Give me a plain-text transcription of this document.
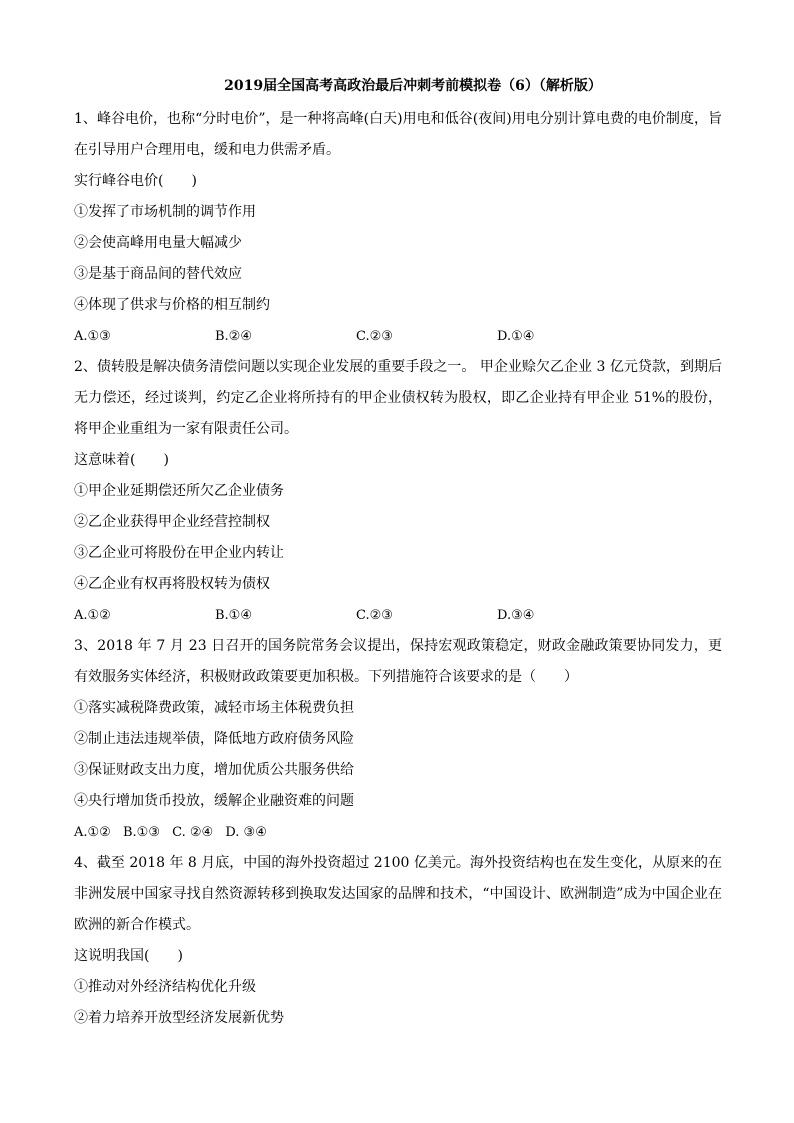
2019届全国高考高政治最后冲刺考前模拟卷（6）（解析版）
1、峰谷电价，也称“分时电价”，是一种将高峰(白天)用电和低谷(夜间)用电分别计算电费的电价制度，旨在引导用户合理用电，缓和电力供需矛盾。
实行峰谷电价(　　)
①发挥了市场机制的调节作用
②会使高峰用电量大幅减少
③是基于商品间的替代效应
④体现了供求与价格的相互制约
A.①③	B.②④	C.②③	D.①④
2、债转股是解决债务清偿问题以实现企业发展的重要手段之一。 甲企业赊欠乙企业 3 亿元贷款，到期后无力偿还，经过谈判，约定乙企业将所持有的甲企业债权转为股权，即乙企业持有甲企业 51%的股份，将甲企业重组为一家有限责任公司。
这意味着(　　)
①甲企业延期偿还所欠乙企业债务
②乙企业获得甲企业经营控制权
③乙企业可将股份在甲企业内转让
④乙企业有权再将股权转为债权
A.①②	B.①④	C.②③	D.③④
3、2018 年 7 月 23 日召开的国务院常务会议提出，保持宏观政策稳定，财政金融政策要协同发力，更有效服务实体经济，积极财政政策要更加积极。下列措施符合该要求的是（　　）
①落实减税降费政策，减轻市场主体税费负担
②制止违法违规举债，降低地方政府债务风险
③保证财政支出力度，增加优质公共服务供给
④央行增加货币投放，缓解企业融资难的问题
A.①② B.①③ C. ②④ D. ③④
4、截至 2018 年 8 月底，中国的海外投资超过 2100 亿美元。海外投资结构也在发生变化，从原来的在非洲发展中国家寻找自然资源转移到换取发达国家的品牌和技术，“中国设计、欧洲制造”成为中国企业在欧洲的新合作模式。
这说明我国(　　)
①推动对外经济结构优化升级
②着力培养开放型经济发展新优势
